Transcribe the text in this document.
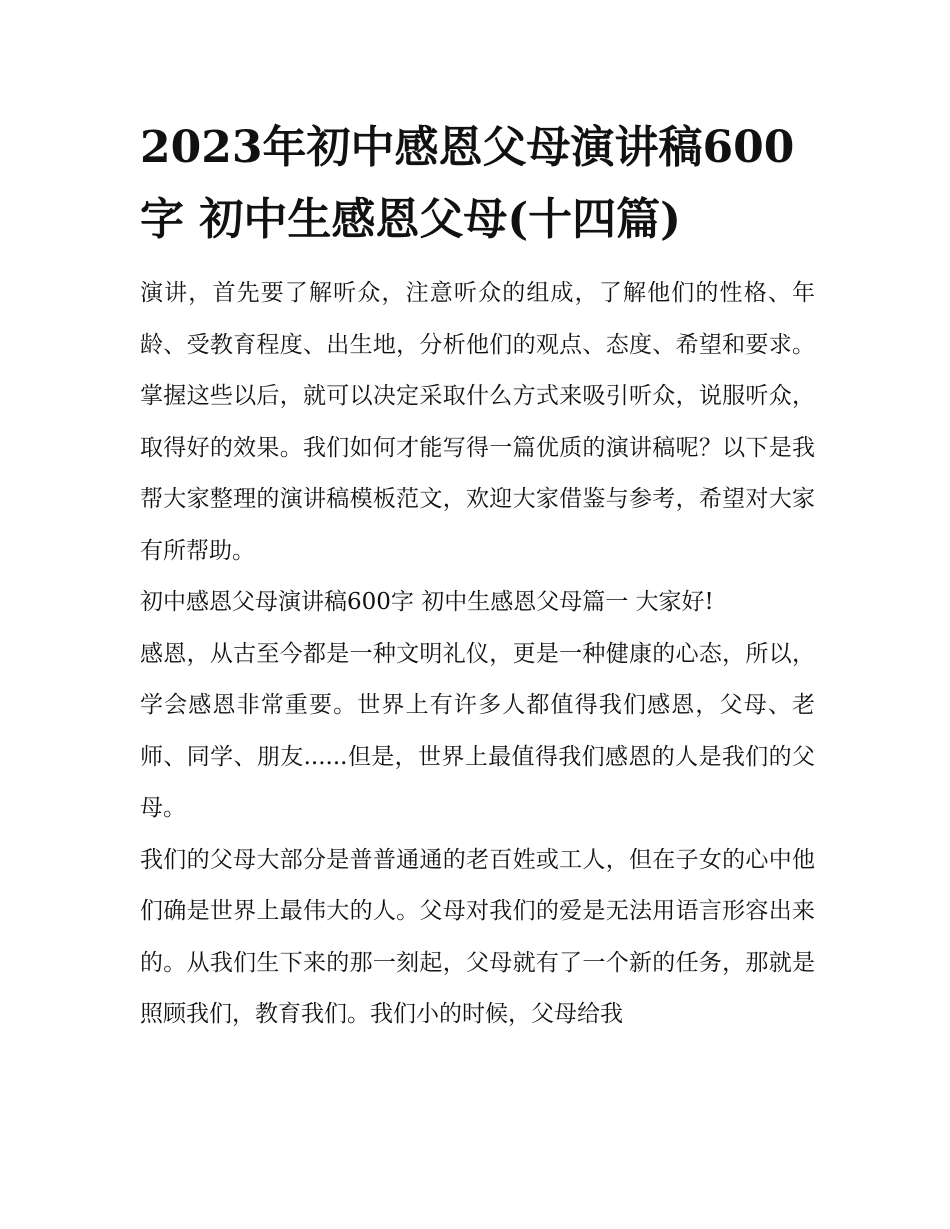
2023年初中感恩父母演讲稿600字 初中生感恩父母(十四篇)

演讲，首先要了解听众，注意听众的组成，了解他们的性格、年龄、受教育程度、出生地，分析他们的观点、态度、希望和要求。掌握这些以后，就可以决定采取什么方式来吸引听众，说服听众，取得好的效果。我们如何才能写得一篇优质的演讲稿呢？以下是我帮大家整理的演讲稿模板范文，欢迎大家借鉴与参考，希望对大家有所帮助。

初中感恩父母演讲稿600字 初中生感恩父母篇一 大家好!

感恩，从古至今都是一种文明礼仪，更是一种健康的心态，所以，学会感恩非常重要。世界上有许多人都值得我们感恩，父母、老师、同学、朋友......但是，世界上最值得我们感恩的人是我们的父母。

我们的父母大部分是普普通通的老百姓或工人，但在子女的心中他们确是世界上最伟大的人。父母对我们的爱是无法用语言形容出来的。从我们生下来的那一刻起，父母就有了一个新的任务，那就是照顾我们，教育我们。我们小的时候，父母给我
